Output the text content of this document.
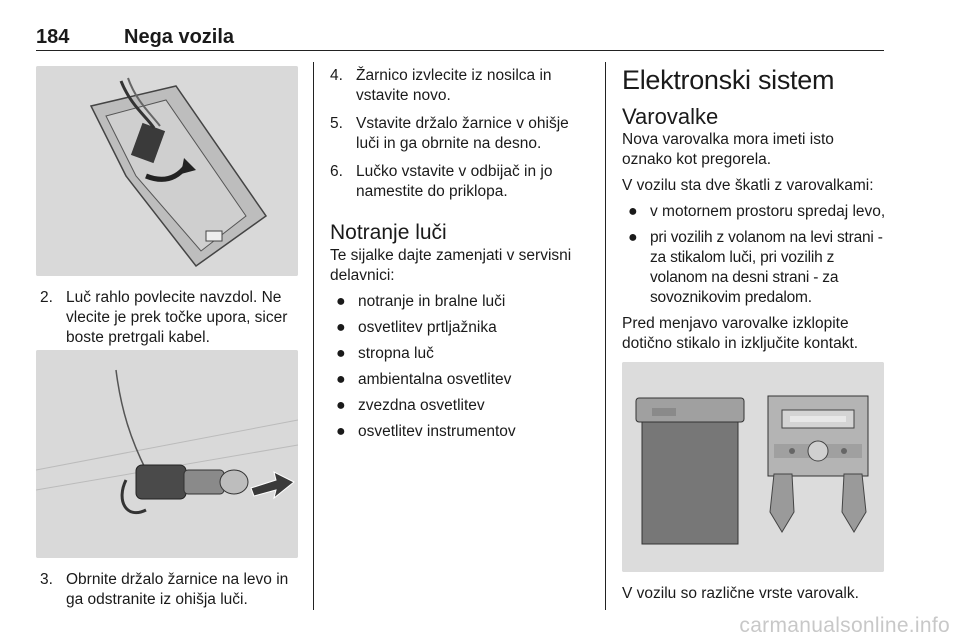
184	Nega vozila
2. Luč rahlo povlecite navzdol. Ne vlecite je prek točke upora, sicer boste pretrgali kabel.
3. Obrnite držalo žarnice na levo in ga odstranite iz ohišja luči.
4. Žarnico izvlecite iz nosilca in vstavite novo.
5. Vstavite držalo žarnice v ohišje luči in ga obrnite na desno.
6. Lučko vstavite v odbijač in jo namestite do priklopa.
Notranje luči

Te sijalke dajte zamenjati v servisni delavnici:

● notranje in bralne luči
● osvetlitev prtljažnika
● stropna luč
● ambientalna osvetlitev
● zvezdna osvetlitev
● osvetlitev instrumentov
Elektronski sistem
Varovalke

Nova varovalka mora imeti isto oznako kot pregorela.

V vozilu sta dve škatli z varovalkami:

● v motornem prostoru spredaj levo,
● pri vozilih z volanom na levi strani - za stikalom luči, pri vozilih z volanom na desni strani - za sovoznikovim predalom.

Pred menjavo varovalke izklopite dotično stikalo in izključite kontakt.

V vozilu so različne vrste varovalk.

carmanualsonline.info
